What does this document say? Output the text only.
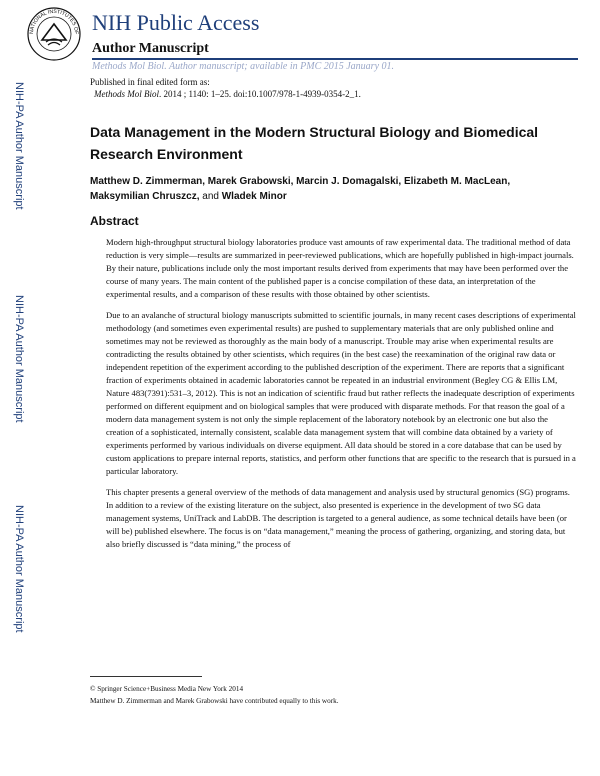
NATIONAL INSTITUTES OF NIH Public Access
Author Manuscript
Methods Mol Biol. Author manuscript; available in PMC 2015 January 01.
Published in final edited form as:
Methods Mol Biol. 2014 ; 1140: 1–25. doi:10.1007/978-1-4939-0354-2_1.
NIH-PA Author Manuscript
NIH-PA Author Manuscript
NIH-PA Author Manuscript
Data Management in the Modern Structural Biology and Biomedical Research Environment
Matthew D. Zimmerman, Marek Grabowski, Marcin J. Domagalski, Elizabeth M. MacLean, Maksymilian Chruszcz, and Wladek Minor
Abstract

Modern high-throughput structural biology laboratories produce vast amounts of raw experimental data. The traditional method of data reduction is very simple—results are summarized in peer-reviewed publications, which are hopefully published in high-impact journals. By their nature, publications include only the most important results derived from experiments that may have been performed over the course of many years. The main content of the published paper is a concise compilation of these data, an interpretation of the experimental results, and a comparison of these results with those obtained by other scientists.

Due to an avalanche of structural biology manuscripts submitted to scientific journals, in many recent cases descriptions of experimental methodology (and sometimes even experimental results) are pushed to supplementary materials that are only published online and sometimes may not be reviewed as thoroughly as the main body of a manuscript. Trouble may arise when experimental results are contradicting the results obtained by other scientists, which requires (in the best case) the reexamination of the original raw data or independent repetition of the experiment according to the published description of the experiment. There are reports that a significant fraction of experiments obtained in academic laboratories cannot be repeated in an industrial environment (Begley CG & Ellis LM, Nature 483(7391):531–3, 2012). This is not an indication of scientific fraud but rather reflects the inadequate description of experiments performed on different equipment and on biological samples that were produced with disparate methods. For that reason the goal of a modern data management system is not only the simple replacement of the laboratory notebook by an electronic one but also the creation of a sophisticated, internally consistent, scalable data management system that will combine data obtained by a variety of experiments performed by various individuals on diverse equipment. All data should be stored in a core database that can be used by custom applications to prepare internal reports, statistics, and perform other functions that are specific to the research that is pursued in a particular laboratory.

This chapter presents a general overview of the methods of data management and analysis used by structural genomics (SG) programs. In addition to a review of the existing literature on the subject, also presented is experience in the development of two SG data management systems, UniTrack and LabDB. The description is targeted to a general audience, as some technical details have been (or will be) published elsewhere. The focus is on “data management,” meaning the process of gathering, organizing, and storing data, but also briefly discussed is “data mining,” the process of

© Springer Science+Business Media New York 2014
Matthew D. Zimmerman and Marek Grabowski have contributed equally to this work.
